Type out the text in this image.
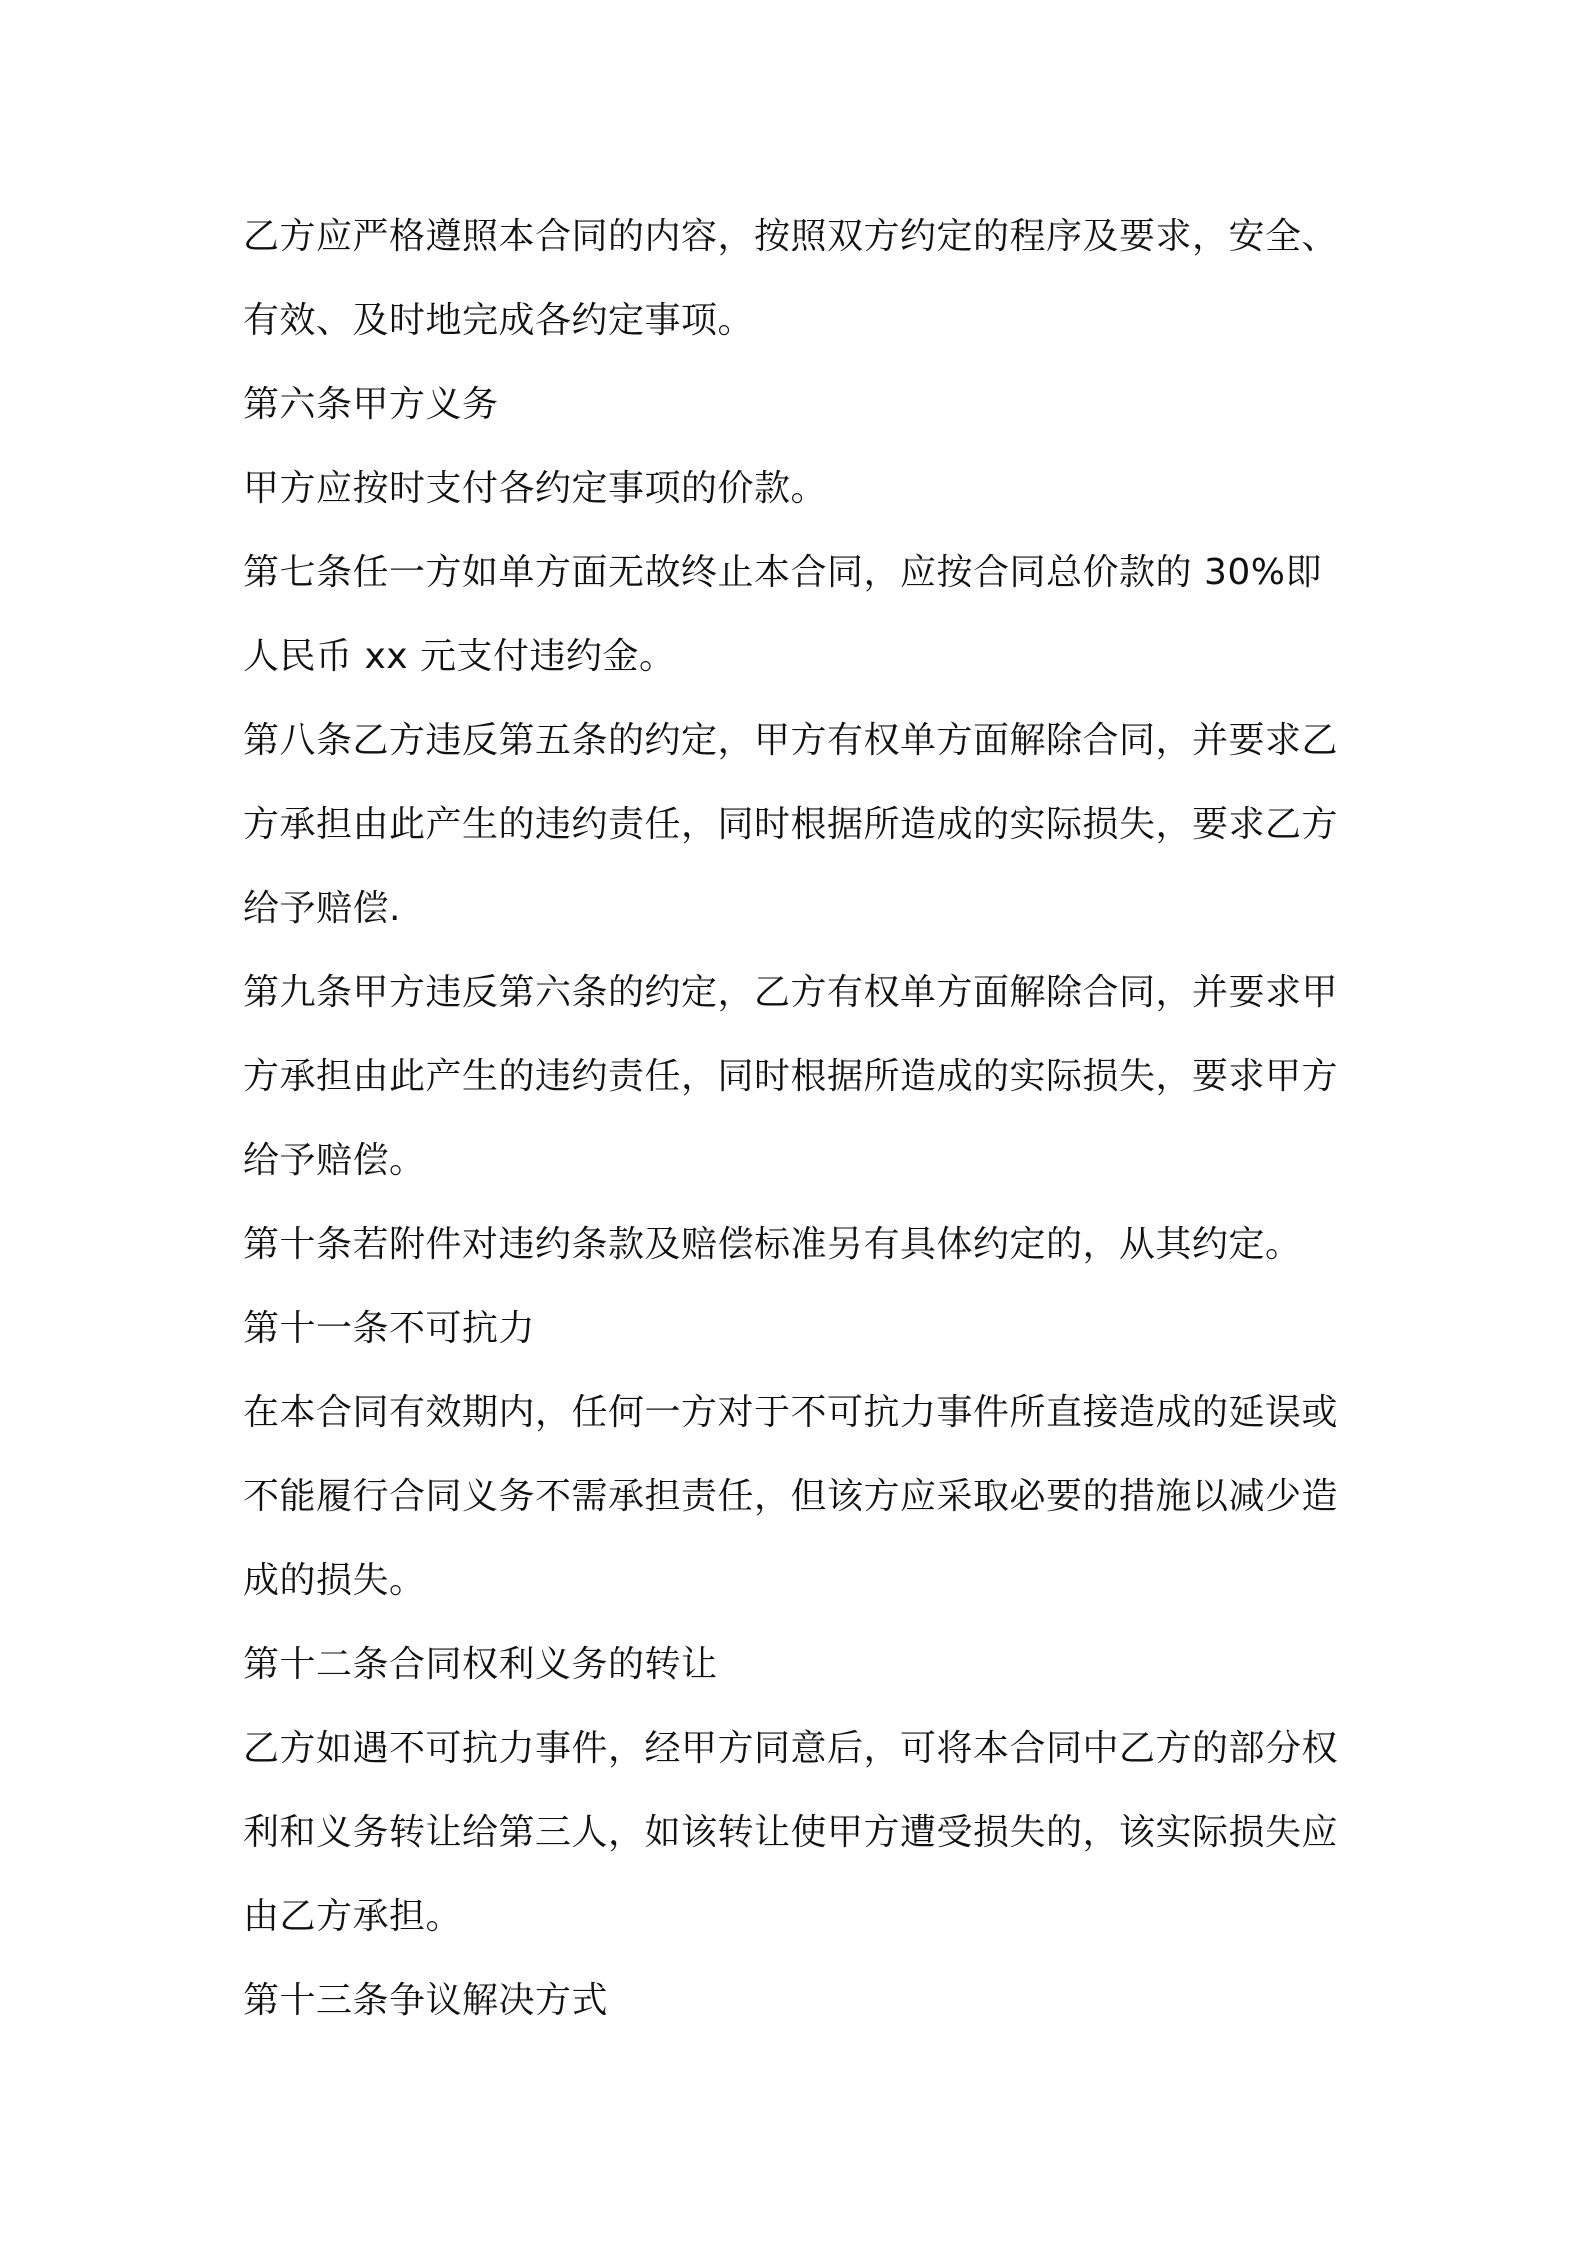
乙方应严格遵照本合同的内容，按照双方约定的程序及要求，安全、
有效、及时地完成各约定事项。
第六条甲方义务
甲方应按时支付各约定事项的价款。
第七条任一方如单方面无故终止本合同，应按合同总价款的 30%即
人民币 xx 元支付违约金。
第八条乙方违反第五条的约定，甲方有权单方面解除合同，并要求乙
方承担由此产生的违约责任，同时根据所造成的实际损失，要求乙方
给予赔偿.
第九条甲方违反第六条的约定，乙方有权单方面解除合同，并要求甲
方承担由此产生的违约责任，同时根据所造成的实际损失，要求甲方
给予赔偿。
第十条若附件对违约条款及赔偿标准另有具体约定的，从其约定。
第十一条不可抗力
在本合同有效期内，任何一方对于不可抗力事件所直接造成的延误或
不能履行合同义务不需承担责任，但该方应采取必要的措施以减少造
成的损失。
第十二条合同权利义务的转让
乙方如遇不可抗力事件，经甲方同意后，可将本合同中乙方的部分权
利和义务转让给第三人，如该转让使甲方遭受损失的，该实际损失应
由乙方承担。
第十三条争议解决方式
